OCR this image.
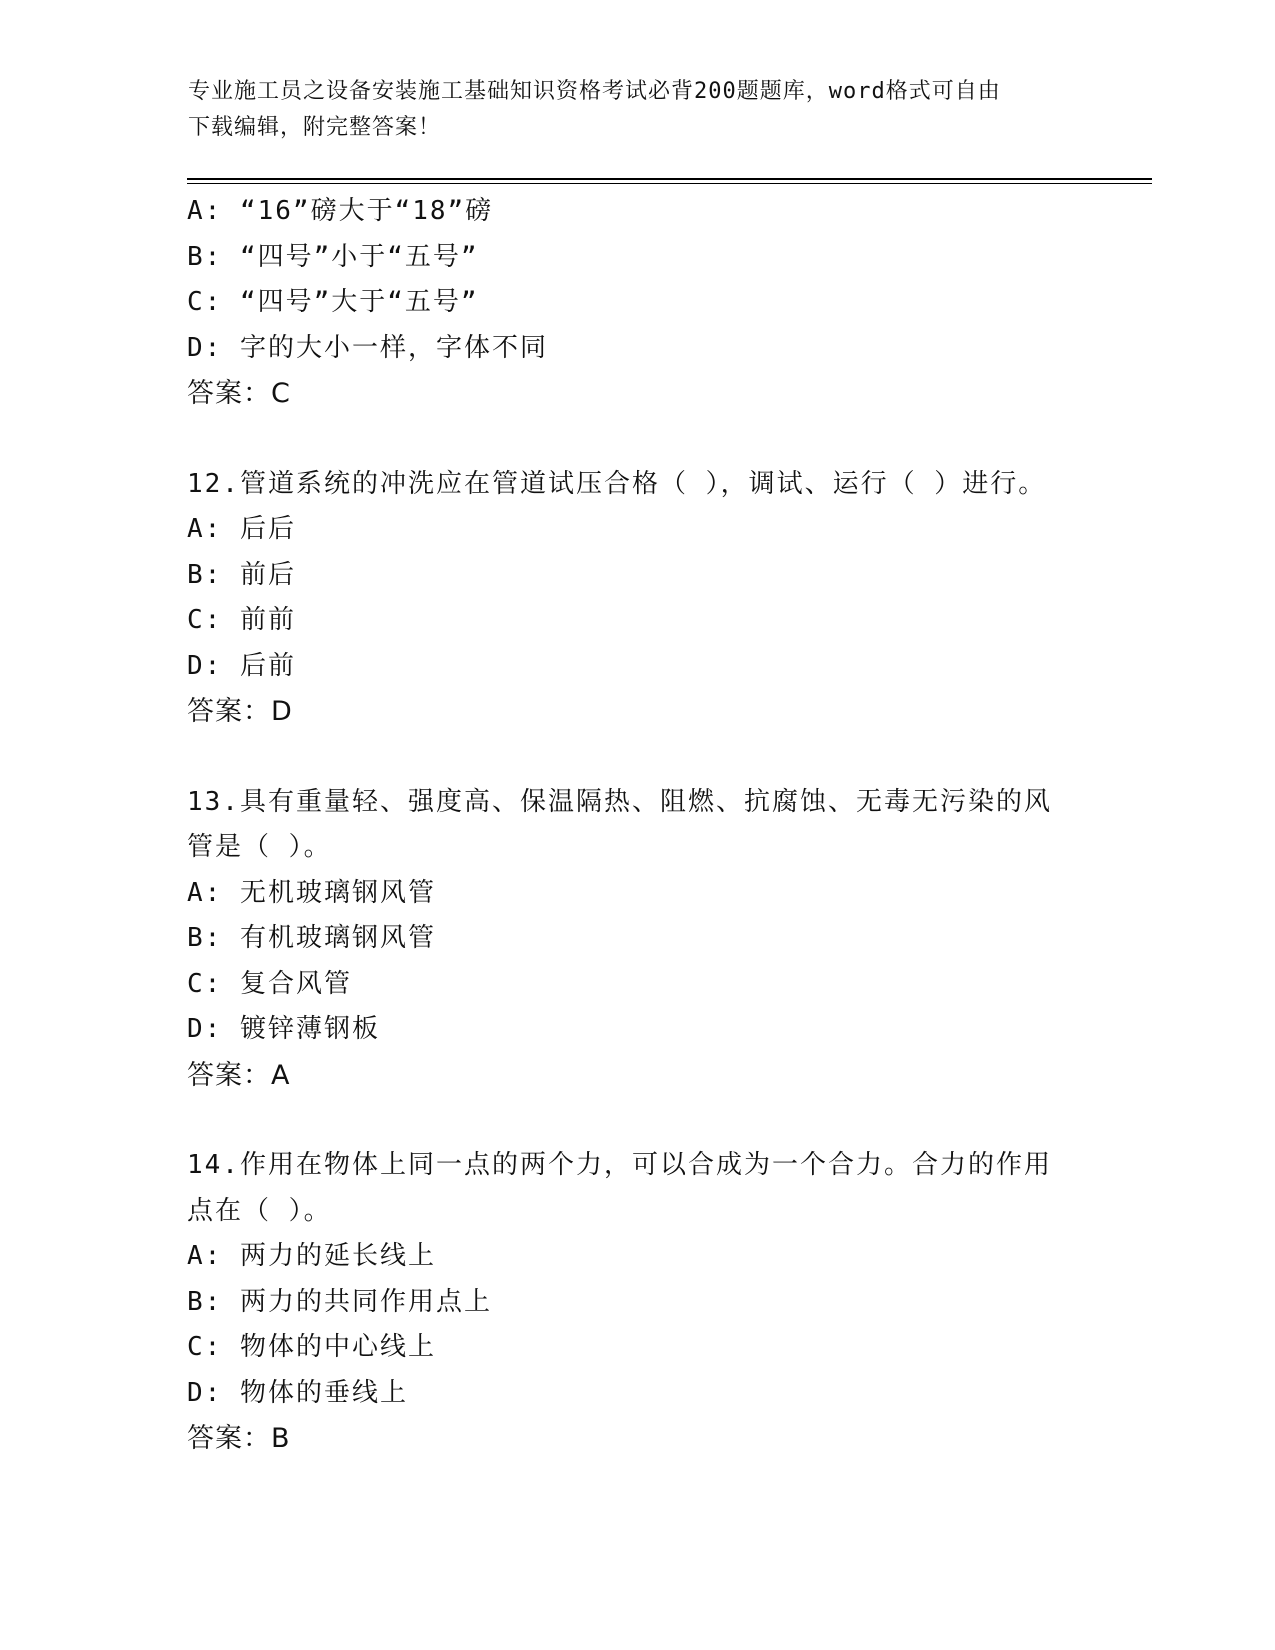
专业施工员之设备安装施工基础知识资格考试必背200题题库，word格式可自由
下载编辑，附完整答案！
A: “16”磅大于“18”磅
B: “四号”小于“五号”
C: “四号”大于“五号”
D: 字的大小一样，字体不同
答案：C
12.管道系统的冲洗应在管道试压合格（ ），调试、运行（ ）进行。
A: 后后
B: 前后
C: 前前
D: 后前
答案：D
13.具有重量轻、强度高、保温隔热、阻燃、抗腐蚀、无毒无污染的风
管是（ ）。
A: 无机玻璃钢风管
B: 有机玻璃钢风管
C: 复合风管
D: 镀锌薄钢板
答案：A
14.作用在物体上同一点的两个力，可以合成为一个合力。合力的作用
点在（ ）。
A: 两力的延长线上
B: 两力的共同作用点上
C: 物体的中心线上
D: 物体的垂线上
答案：B
